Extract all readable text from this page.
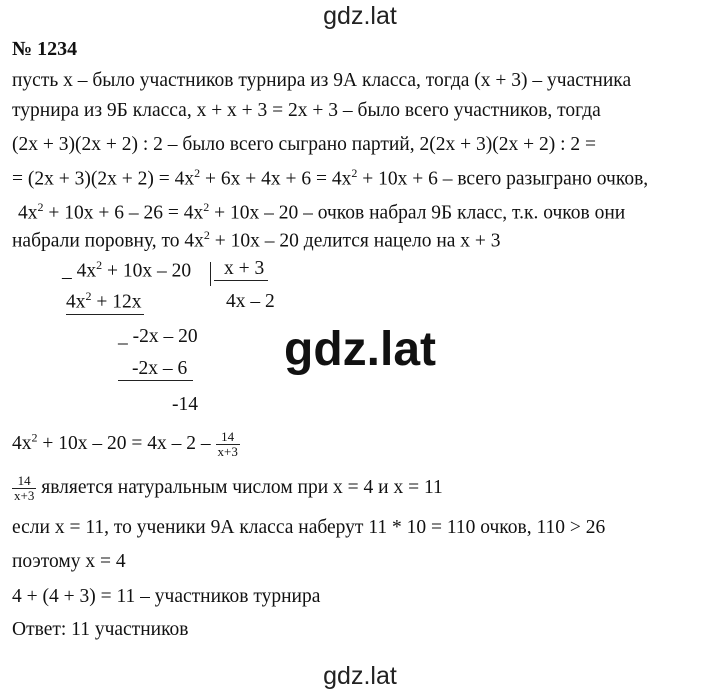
gdz.lat
№ 1234
пусть х – было участников турнира из 9А класса, тогда (х + 3) – участника
турнира из 9Б класса, х + х + 3 = 2х + 3 – было всего участников, тогда
(2х + 3)(2х + 2) : 2 – было всего сыграно партий, 2(2х + 3)(2х + 2) : 2 =
= $(2х + 3)(2х + 2) = 4х^2 + 6х + 4х + 6 = 4х^2 + 10х + 6$ – всего разыграно очков,
$4х^2 + 10х + 6 - 26 = 4х^2 + 10х - 20$ – очков набрал 9Б класс, т.к. очков они
набрали поровну, то $4х^2 + 10х - 20$ делится нацело на х + 3
_ $4х^2 + 10х - 20$	х + 3
$4х^2 + 12х$	4х – 2
_ -2х – 20	gdz.lat
-2х – 6
-14
$4х^2 + 10х - 20 = 4х - 2 - \frac{14}{х+3}$
$\frac{14}{х+3}$ является натуральным числом при х = 4 и х = 11
если х = 11, то ученики 9А класса наберут 11 * 10 = 110 очков, 110 > 26
поэтому х = 4
4 + (4 + 3) = 11 – участников турнира
Ответ: 11 участников
gdz.lat
